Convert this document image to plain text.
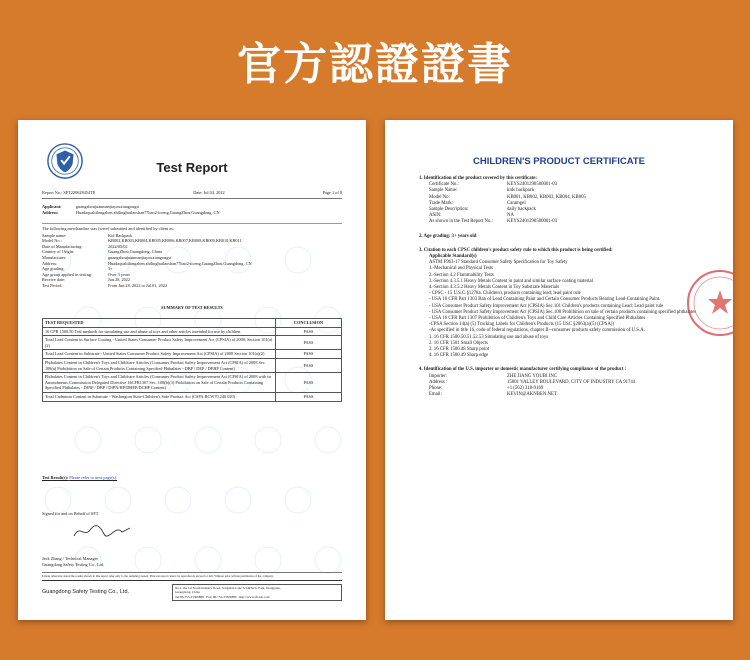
官方認證證書
Test Report
Report No.: SFT220628454TE	Date: Jul.04, 2022	Page 1 of 8
Applicant:	guangzhoujuanmanjiayouxiangongsi
Address:	Huadaquzhilongzhen,zhilinghuilaoshan77hao2-ticeng,GuangZhou,Guangdong, CN
The following merchandise was (were) submitted and identified by client as:
Sample name:	Kid Backpack
Model No.:	KB002,KB003,KB004,KB005,KB006,KB007,KB008,KB009,KB010,KB011
Date of Manufacturing:	2022/05/02
Country of Origin:	GuangZhou,Guangdong, China
Manufacturer:	guangzhoujuanmanjiayouxiangongsi
Address:	Huadaquzhilongzhen,zhilinghuilaoshan77hao2-ticeng,GuangZhou,Guangdong, CN
Age grading:	3+
Age group applied in testing:	Over 3 years
Receive date:	Jun.28, 2022
Test Period:	From Jun.28, 2022 to Jul.01, 2022
SUMMARY OF TEST RESULTS
TEST REQUESTED	CONCLUSION
16 CFR 1500.50 Test methods for simulating use and abuse of toys and other articles intended for use by children.	PASS
Total Lead Content in Surface Coating - United States Consumer Product Safety Improvement Act (CPSIA) of 2008, Section 101(a)(2)	PASS
Total Lead Content in Substrate - United States Consumer Product Safety Improvement Act (CPSIA) of 2008 Section 101(a)(2)	PASS
Phthalates Content in Children's Toys and Childcare Articles (Consumer Product Safety Improvement Act (CPSIA) of 2008 Sec. 108(a) Prohibition on Sale of Certain Products Containing Specified Phthalates - DBP / DEP / DEHP Content)	PASS
Phthalates Content in Children's Toys and Childcare Articles (Consumer Product Safety Improvement Act (CPSIA) of 2008 with its Amendments Commission Delegated Directive 16CFR1307 Sec. 108(b)(3) Prohibition on Sale of Certain Products Containing Specified Phthalates - DINP / DBP / DIPN/HP/DHEP/DCHP Content)	PASS
Total Cadmium Content in Substrate - Washington State-Children's Safe Product Act (CSPA,RCW70.240.020)	PASS
Test Result(s): Please refer to next page(s).
Signed for and on Behalf of SFT
Jack Zhang / Technical Manager
Guangdong Safety Testing Co., Ltd.
Unless otherwise stated the results shown in this report refer only to the sample(s) tested. This test report cannot be reproduced, except for full. Without prior written permission of the company.
Guangdong Safety Testing Co., Ltd.
No.1, the 1st North Industry Road, Songshan Lake Sci.&Tech. Park, Dongguan,
Guangdong, China
Tel:86-755-23306888 Fax: 86-755-23306889 http://www.sft-lab.com
CHILDREN'S PRODUCT CERTIFICATE
1. Identification of the product covered by this certificate:
Certificate No.:	KEYS2401290500001-03
Sample Name:	kids backpack
Model No:	KB001, KB002, KB003, KB004, KB005
Trade Mark:	Caramgel
Sample Description:	daily backpack
ASIN:	NA
As shown in the Test Report No.:	KEYS2401290500001-03
2. Age grading: 3+ years old
3. Citation to each CPSC children's product safety rule to which this product is being certified:
Applicable Standard(s)
ASTM F963-17 Standard Consumer Safety Specification for Toy Safety
1.-Mechanical and Physical Tests
2.-Section 4.2 Flammability Tests
3.-Section 4.3.5.1 Heavy Metals Content in paint and similar surface coating material
4.-Section 4.3.5.2 Heavy Metals Content in Toy Substrate Materials
- CPSC - 15 U.S.C.§1278a. Children's products containing lead; lead paint rule
- USA 16 CFR Part 1303 Ban of Lead Containing Paint and Certain Consumer Products Bearing Lead-Containing Paint.
- USA Consumer Product Safety Improvement Act (CPSIA) Sec.101 Children's products containing Lead; Lead paint rule
- USA Consumer Product Safety Improvement Act (CPSIA) Sec.108 Prohibition on sale of certain products containing specified phthalates
- USA 16 CFR Part 1307 Prohibition of Children's Toys and Child Care Articles Containing Specified Phthalates
-CPSA Section 14(a) (5) Tracking Labels for Children's Products (15 USC §2063(a)(5) (CPSA))
-As specified in title 16, code of federal regulations, chapter II--consumer products safety commission of U.S.A.
1. 16 CFR 1500.50.51.52.53 Simulating use and abuse of toys
2. 16 CFR 1501 Small Objects
3. 16 CFR 1500.48 Sharp point
4. 16 CFR 1500.49 Sharp edge
4. Identification of the U.S. importer or domestic manufacturer certifying compliance of the product :
Importer:	ZHE JIANG YOUBI INC
Address :	15801 VALLEY BOULEVARD, CITY OF INDUSTRY CA 91744
Phone:	+1 (562) 318-9169
Email:	KEVIN@AKNBEN.NET
